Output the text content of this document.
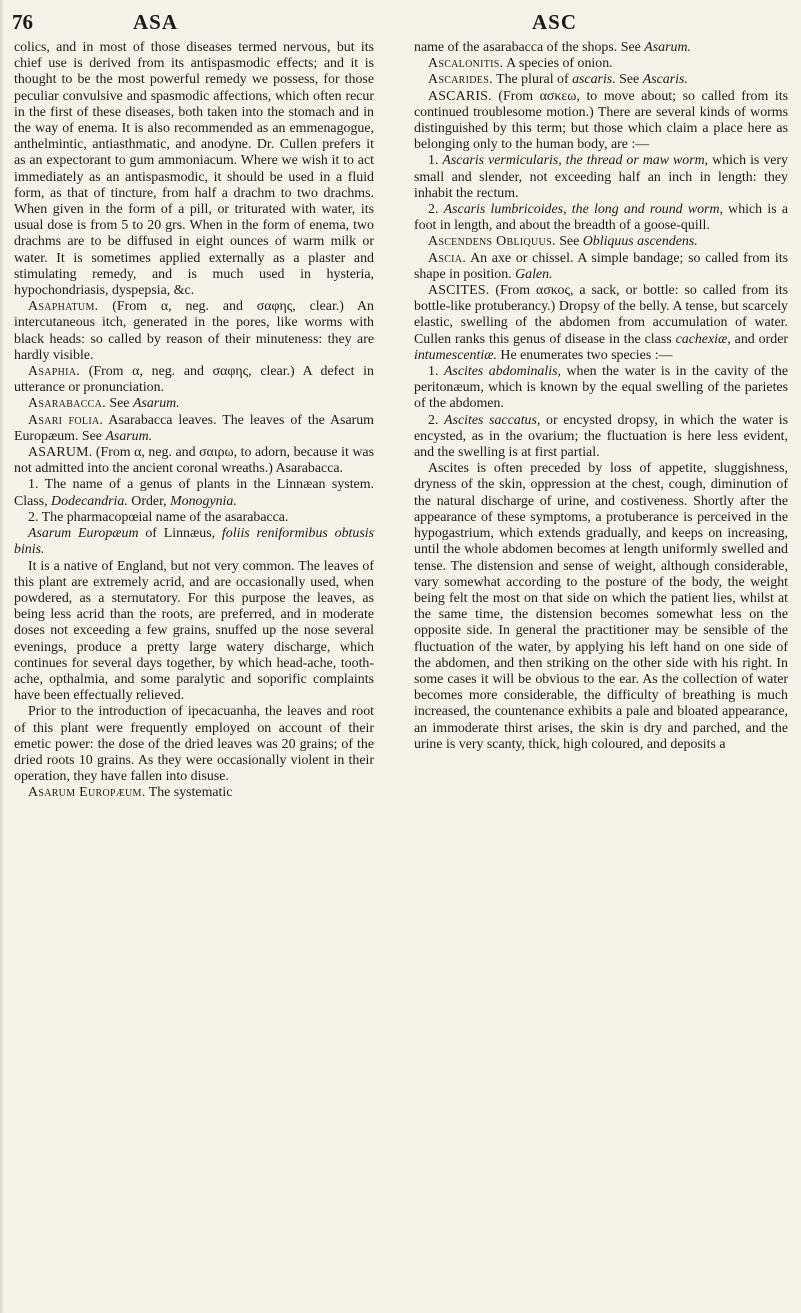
76	ASA	ASC

colics, and in most of those diseases termed nervous, but its chief use is derived from its antispasmodic effects; and it is thought to be the most powerful remedy we possess, for those peculiar convulsive and spasmodic affections, which often recur in the first of these diseases, both taken into the stomach and in the way of enema. It is also recommended as an emmenagogue, anthelmintic, antiasthmatic, and anodyne. Dr. Cullen prefers it as an expectorant to gum ammoniacum. Where we wish it to act immediately as an antispasmodic, it should be used in a fluid form, as that of tincture, from half a drachm to two drachms. When given in the form of a pill, or triturated with water, its usual dose is from 5 to 20 grs. When in the form of enema, two drachms are to be diffused in eight ounces of warm milk or water. It is sometimes applied externally as a plaster and stimulating remedy, and is much used in hysteria, hypochondriasis, dyspepsia, &c.

Asaphatum. (From α, neg. and σαφης, clear.) An intercutaneous itch, generated in the pores, like worms with black heads: so called by reason of their minuteness: they are hardly visible.

Asaphia. (From α, neg. and σαφης, clear.) A defect in utterance or pronunciation.

Asarabacca. See Asarum.

Asari folia. Asarabacca leaves. The leaves of the Asarum Europæum. See Asarum.

ASARUM. (From α, neg. and σαιρω, to adorn, because it was not admitted into the ancient coronal wreaths.) Asarabacca.

1. The name of a genus of plants in the Linnæan system. Class, Dodecandria. Order, Monogynia.

2. The pharmacopœial name of the asarabacca.

Asarum Europæum of Linnæus, foliis reniformibus obtusis binis.

It is a native of England, but not very common. The leaves of this plant are extremely acrid, and are occasionally used, when powdered, as a sternutatory. For this purpose the leaves, as being less acrid than the roots, are preferred, and in moderate doses not exceeding a few grains, snuffed up the nose several evenings, produce a pretty large watery discharge, which continues for several days together, by which head-ache, tooth-ache, opthalmia, and some paralytic and soporific complaints have been effectually relieved.

Prior to the introduction of ipecacuanha, the leaves and root of this plant were frequently employed on account of their emetic power: the dose of the dried leaves was 20 grains; of the dried roots 10 grains. As they were occasionally violent in their operation, they have fallen into disuse.

Asarum Europæum. The systematic

name of the asarabacca of the shops. See Asarum.

Ascalonitis. A species of onion.

Ascarides. The plural of ascaris. See Ascaris.

ASCARIS. (From ασκεω, to move about; so called from its continued troublesome motion.) There are several kinds of worms distinguished by this term; but those which claim a place here as belonging only to the human body, are :—

1. Ascaris vermicularis, the thread or maw worm, which is very small and slender, not exceeding half an inch in length: they inhabit the rectum.

2. Ascaris lumbricoides, the long and round worm, which is a foot in length, and about the breadth of a goose-quill.

Ascendens Obliquus. See Obliquus ascendens.

Ascia. An axe or chissel. A simple bandage; so called from its shape in position. Galen.

ASCITES. (From ασκος, a sack, or bottle: so called from its bottle-like protuberancy.) Dropsy of the belly. A tense, but scarcely elastic, swelling of the abdomen from accumulation of water. Cullen ranks this genus of disease in the class cachexiæ, and order intumescentiæ. He enumerates two species :—

1. Ascites abdominalis, when the water is in the cavity of the peritonæum, which is known by the equal swelling of the parietes of the abdomen.

2. Ascites saccatus, or encysted dropsy, in which the water is encysted, as in the ovarium; the fluctuation is here less evident, and the swelling is at first partial.

Ascites is often preceded by loss of appetite, sluggishness, dryness of the skin, oppression at the chest, cough, diminution of the natural discharge of urine, and costiveness. Shortly after the appearance of these symptoms, a protuberance is perceived in the hypogastrium, which extends gradually, and keeps on increasing, until the whole abdomen becomes at length uniformly swelled and tense. The distension and sense of weight, although considerable, vary somewhat according to the posture of the body, the weight being felt the most on that side on which the patient lies, whilst at the same time, the distension becomes somewhat less on the opposite side. In general the practitioner may be sensible of the fluctuation of the water, by applying his left hand on one side of the abdomen, and then striking on the other side with his right. In some cases it will be obvious to the ear. As the collection of water becomes more considerable, the difficulty of breathing is much increased, the countenance exhibits a pale and bloated appearance, an immoderate thirst arises, the skin is dry and parched, and the urine is very scanty, thick, high coloured, and deposits a
